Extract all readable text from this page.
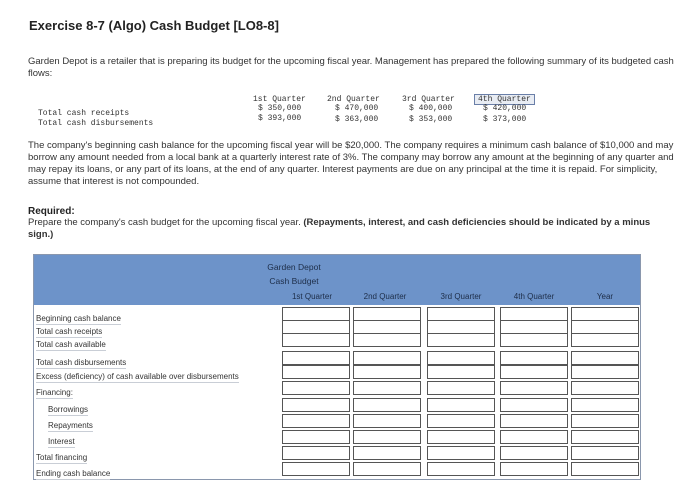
Exercise 8-7 (Algo) Cash Budget [LO8-8]
Garden Depot is a retailer that is preparing its budget for the upcoming fiscal year. Management has prepared the following summary of its budgeted cash flows:
1st Quarter	2nd Quarter	3rd Quarter	4th Quarter
Total cash receipts
$ 350,000	$ 470,000	$ 400,000	$ 420,000
Total cash disbursements
$ 393,000	$ 363,000	$ 353,000	$ 373,000
The company's beginning cash balance for the upcoming fiscal year will be $20,000. The company requires a minimum cash balance of $10,000 and may borrow any amount needed from a local bank at a quarterly interest rate of 3%. The company may borrow any amount at the beginning of any quarter and may repay its loans, or any part of its loans, at the end of any quarter. Interest payments are due on any principal at the time it is repaid. For simplicity, assume that interest is not compounded.
Required:
Prepare the company's cash budget for the upcoming fiscal year. (Repayments, interest, and cash deficiencies should be indicated by a minus sign.)
Garden Depot
Cash Budget
1st Quarter	2nd Quarter	3rd Quarter	4th Quarter	Year
Beginning cash balance
Total cash receipts
Total cash available
Total cash disbursements
Excess (deficiency) of cash available over disbursements
Financing:
Borrowings
Repayments
Interest
Total financing
Ending cash balance
